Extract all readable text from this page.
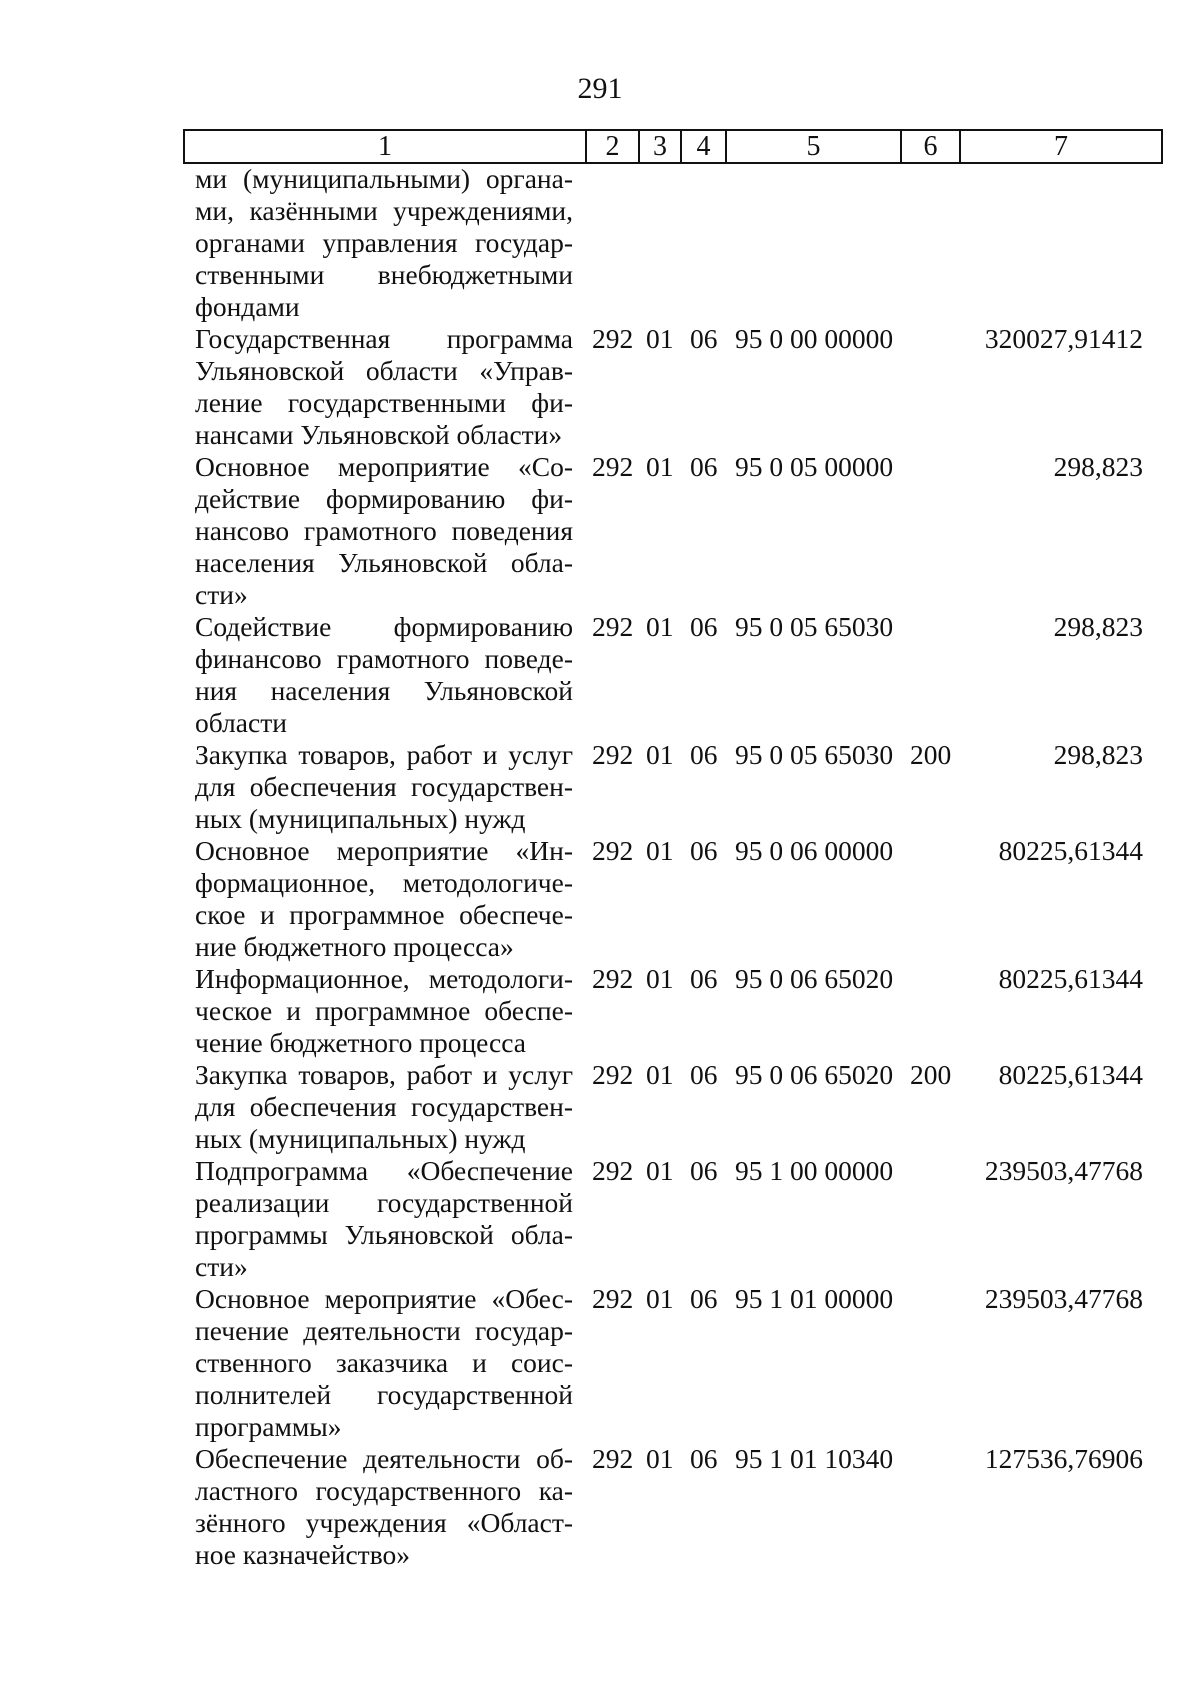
291
1	2	3	4	5	6	7
ми (муниципальными) органа-
ми, казёнными учреждениями,
органами управления государ-
ственными внебюджетными
фондами
Государственная программа
Ульяновской области «Управ-
ление государственными фи-
нансами Ульяновской области»
292 01 06 95 0 00 00000	320027,91412
Основное мероприятие «Со-
действие формированию фи-
нансово грамотного поведения
населения Ульяновской обла-
сти»
292 01 06 95 0 05 00000	298,823
Содействие формированию
финансово грамотного поведе-
ния населения Ульяновской
области
292 01 06 95 0 05 65030	298,823
Закупка товаров, работ и услуг
для обеспечения государствен-
ных (муниципальных) нужд
292 01 06 95 0 05 65030 200	298,823
Основное мероприятие «Ин-
формационное, методологиче-
ское и программное обеспече-
ние бюджетного процесса»
292 01 06 95 0 06 00000	80225,61344
Информационное, методологи-
ческое и программное обеспе-
чение бюджетного процесса
292 01 06 95 0 06 65020	80225,61344
Закупка товаров, работ и услуг
для обеспечения государствен-
ных (муниципальных) нужд
292 01 06 95 0 06 65020 200 80225,61344
Подпрограмма «Обеспечение
реализации государственной
программы Ульяновской обла-
сти»
292 01 06 95 1 00 00000	239503,47768
Основное мероприятие «Обес-
печение деятельности государ-
ственного заказчика и соис-
полнителей государственной
программы»
292 01 06 95 1 01 00000	239503,47768
Обеспечение деятельности об-
ластного государственного ка-
зённого учреждения «Област-
ное казначейство»
292 01 06 95 1 01 10340	127536,76906
